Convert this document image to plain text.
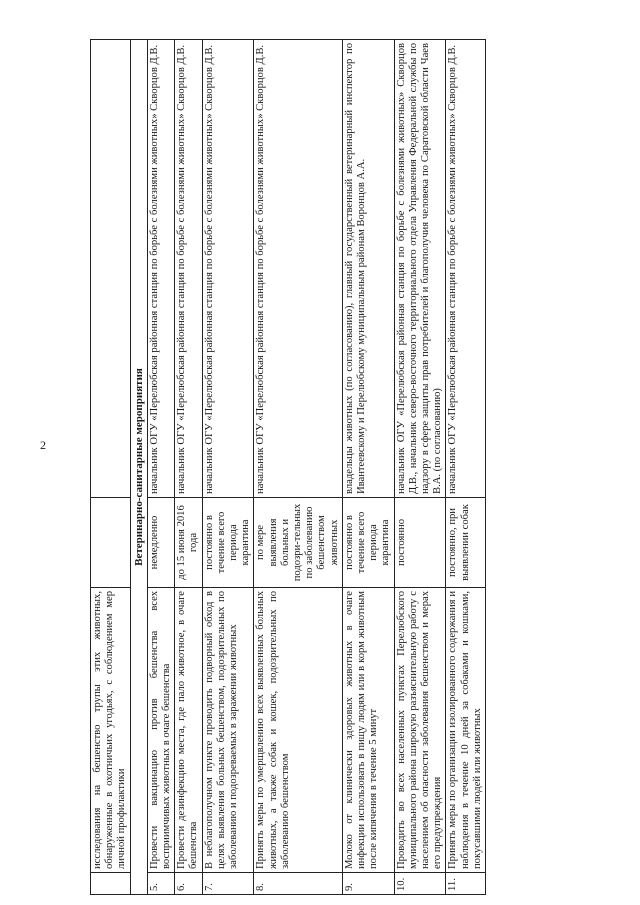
2
	исследования на бешенство трупы этих животных, обнаруженные в охотничьих угодьях, с соблюдением мер личной профилактики		
Ветеринарно-санитарные мероприятия			
5.	Провести вакцинацию против бешенства всех восприимчивых животных в очаге бешенства	немедленно	начальник ОГУ «Перелюбская районная станция по борьбе с болезнями животных» Скворцов Д.В.
6.	Провести дезинфекцию места, где пало животное, в очаге бешенства	до 15 июня 2016 года	начальник ОГУ «Перелюбская районная станция по борьбе с болезнями животных» Скворцов Д.В.
7.	В неблагополучном пункте проводить подворный обход в целях выявления больных бешенством, подозрительных по заболеванию и подозреваемых в заражении животных	постоянно в течение всего периода карантина	начальник ОГУ «Перелюбская районная станция по борьбе с болезнями животных» Скворцов Д.В.
8.	Принять меры по умерщвлению всех выявленных больных животных, а также собак и кошек, подозрительных по заболеванию бешенством	по мере выявления больных и подозри-тельных по заболеванию бешенством животных	начальник ОГУ «Перелюбская районная станция по борьбе с болезнями животных» Скворцов Д.В.
9.	Молоко от клинически здоровых животных в очаге инфекции использовать в пищу людям или в корм животным после кипячения в течение 5 минут	постоянно в течение всего периода карантина	владельцы животных (по согласованию), главный государственный ветеринарный инспектор по Ивантеевскому и Перелюбскому муниципальным районам Воронцов А.А.
10.	Проводить во всех населенных пунктах Перелюбского муниципального района широкую разъяснительную работу с населением об опасности заболевания бешенством и мерах его предупреждения	постоянно	начальник ОГУ «Перелюбская районная станция по борьбе с болезнями животных» Скворцов Д.В., начальник северо-восточного территориального отдела Управления Федеральной службы по надзору в сфере защиты прав потребителей и благополучия человека по Саратовской области Чаев В.А. (по согласованию)
11.	Принять меры по организации изолированного содержания и наблюдения в течение 10 дней за собаками и кошками, покусавшими людей или животных	постоянно, при выявлении собак	начальник ОГУ «Перелюбская районная станция по борьбе с болезнями животных» Скворцов Д.В.
